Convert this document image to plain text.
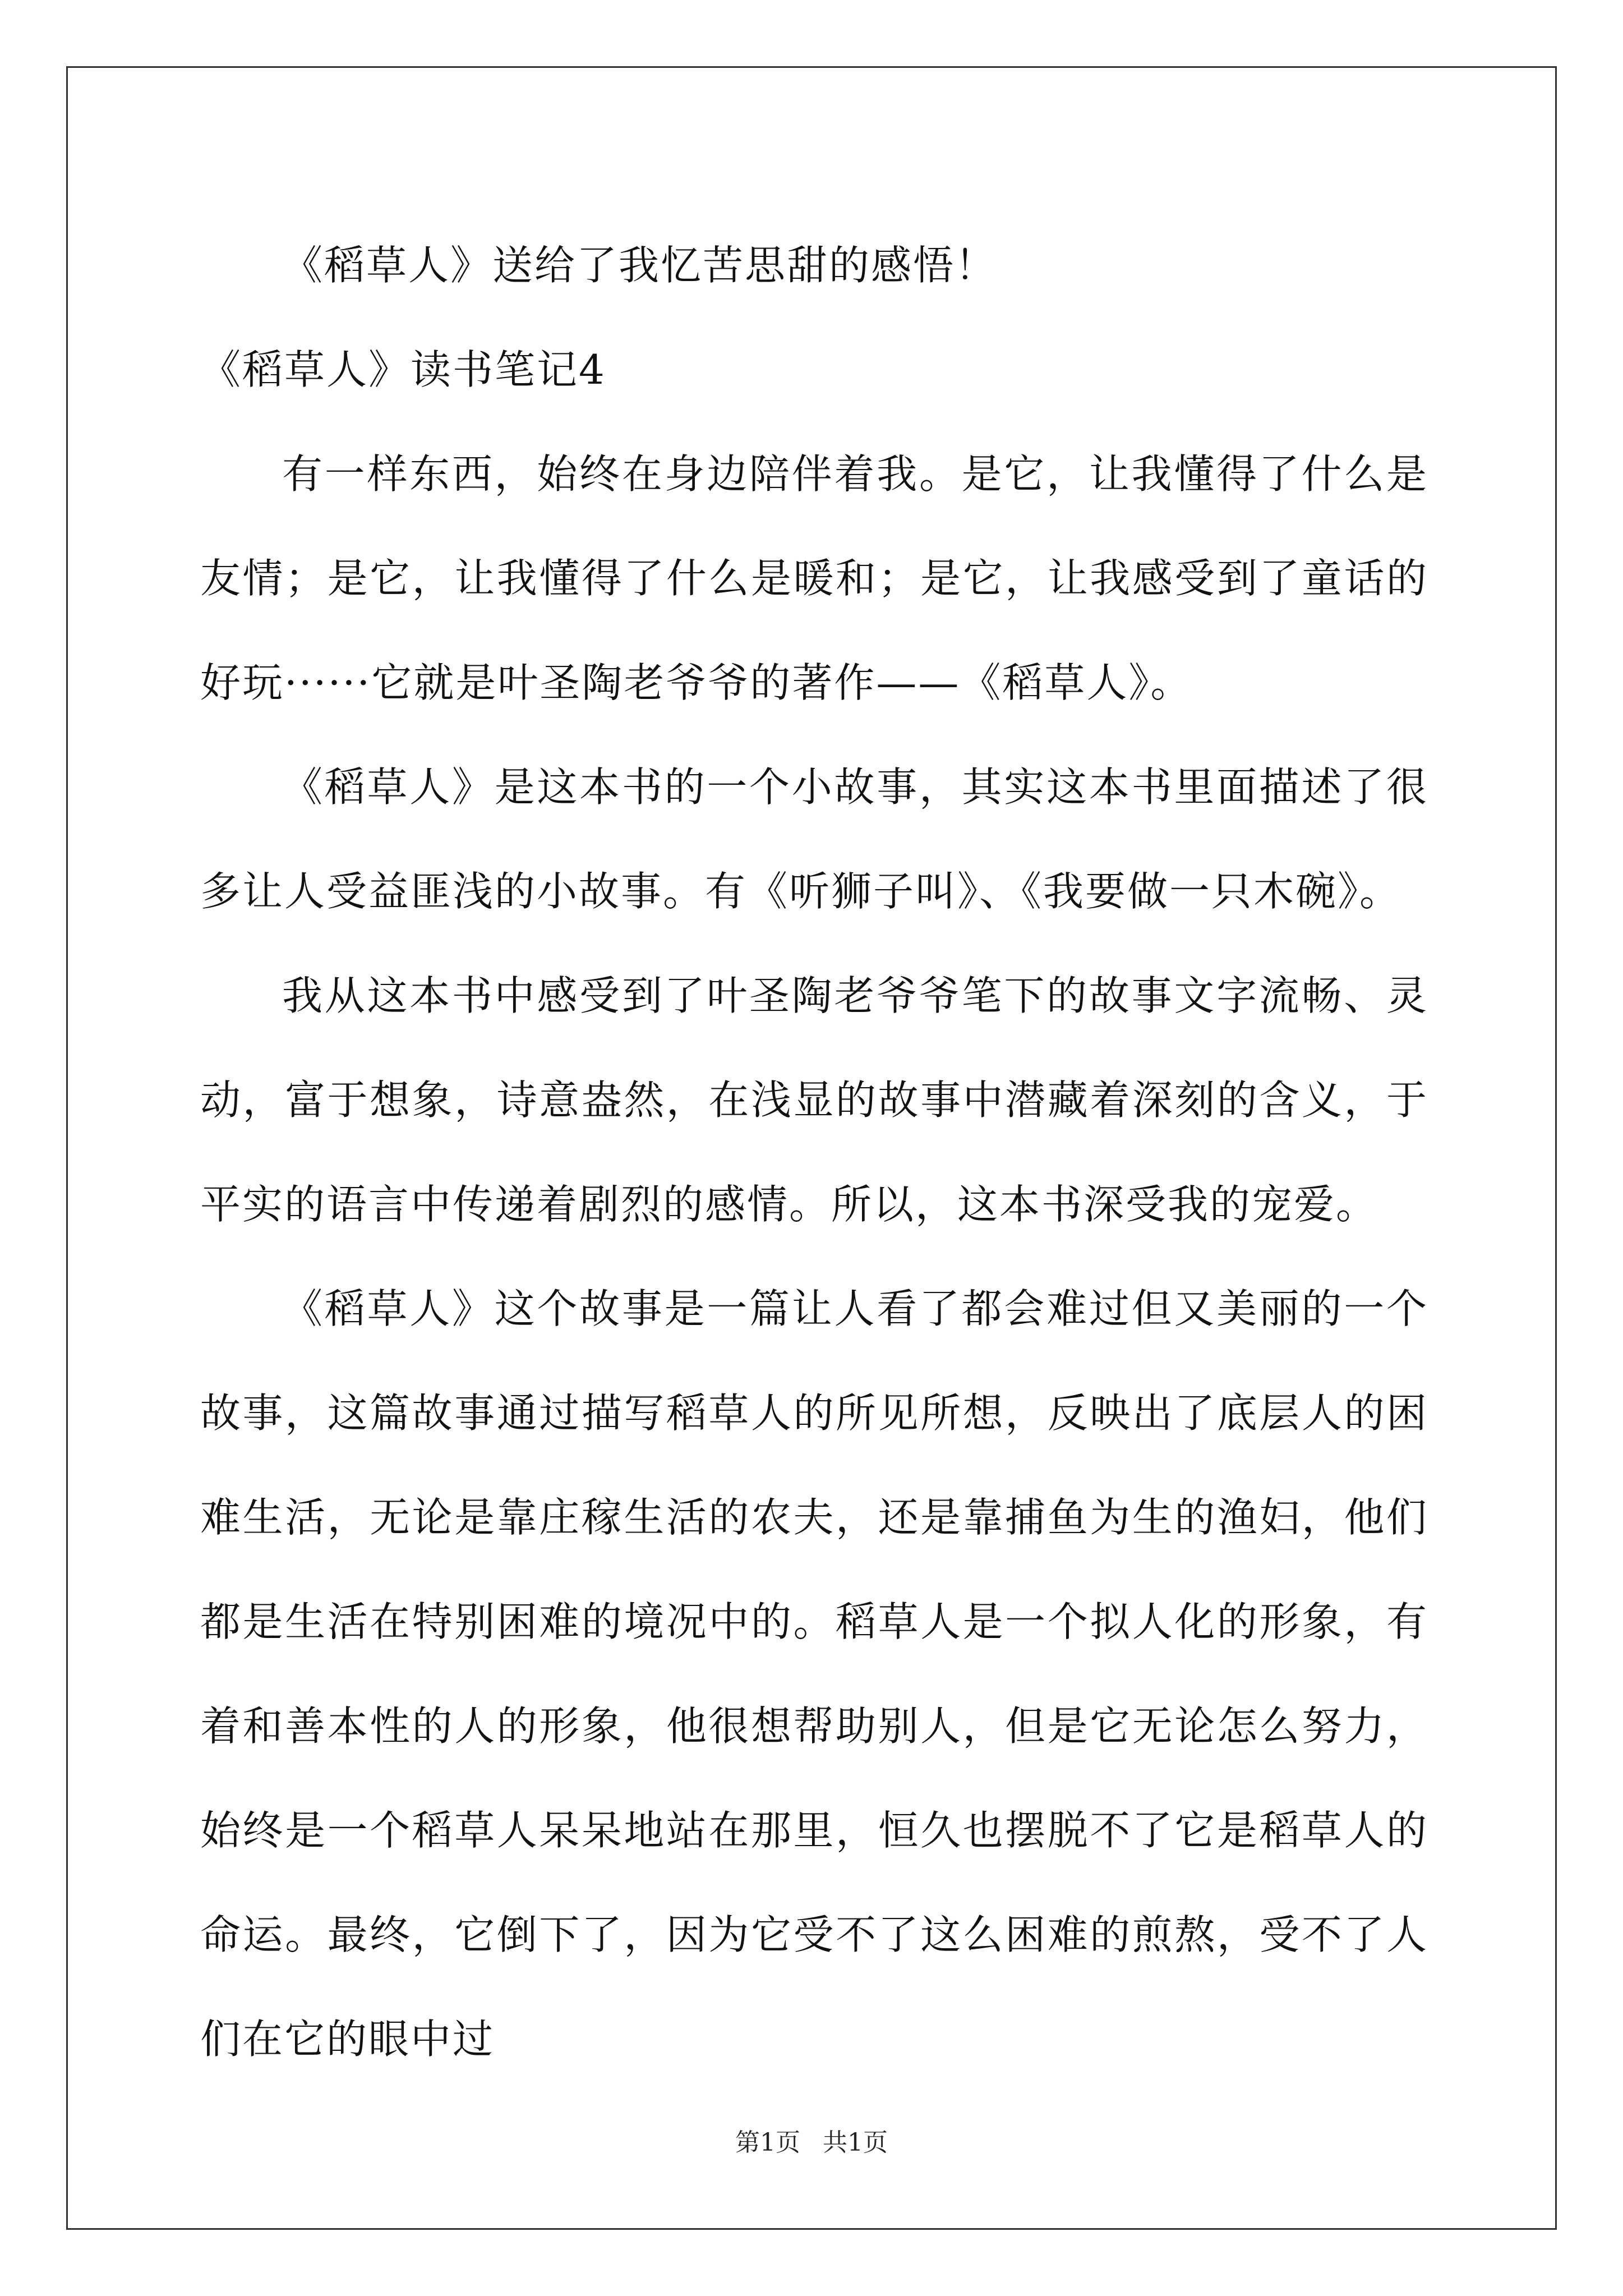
《稻草人》送给了我忆苦思甜的感悟！

《稻草人》读书笔记4

有一样东西，始终在身边陪伴着我。是它，让我懂得了什么是友情；是它，让我懂得了什么是暖和；是它，让我感受到了童话的好玩······它就是叶圣陶老爷爷的著作——《稻草人》。

《稻草人》是这本书的一个小故事，其实这本书里面描述了很多让人受益匪浅的小故事。有《听狮子叫》、《我要做一只木碗》。

我从这本书中感受到了叶圣陶老爷爷笔下的故事文字流畅、灵动，富于想象，诗意盎然，在浅显的故事中潜藏着深刻的含义，于平实的语言中传递着剧烈的感情。所以，这本书深受我的宠爱。

《稻草人》这个故事是一篇让人看了都会难过但又美丽的一个故事，这篇故事通过描写稻草人的所见所想，反映出了底层人的困难生活，无论是靠庄稼生活的农夫，还是靠捕鱼为生的渔妇，他们都是生活在特别困难的境况中的。稻草人是一个拟人化的形象，有着和善本性的人的形象，他很想帮助别人，但是它无论怎么努力，始终是一个稻草人呆呆地站在那里，恒久也摆脱不了它是稻草人的命运。最终，它倒下了，因为它受不了这么困难的煎熬，受不了人们在它的眼中过

第1页 共1页
